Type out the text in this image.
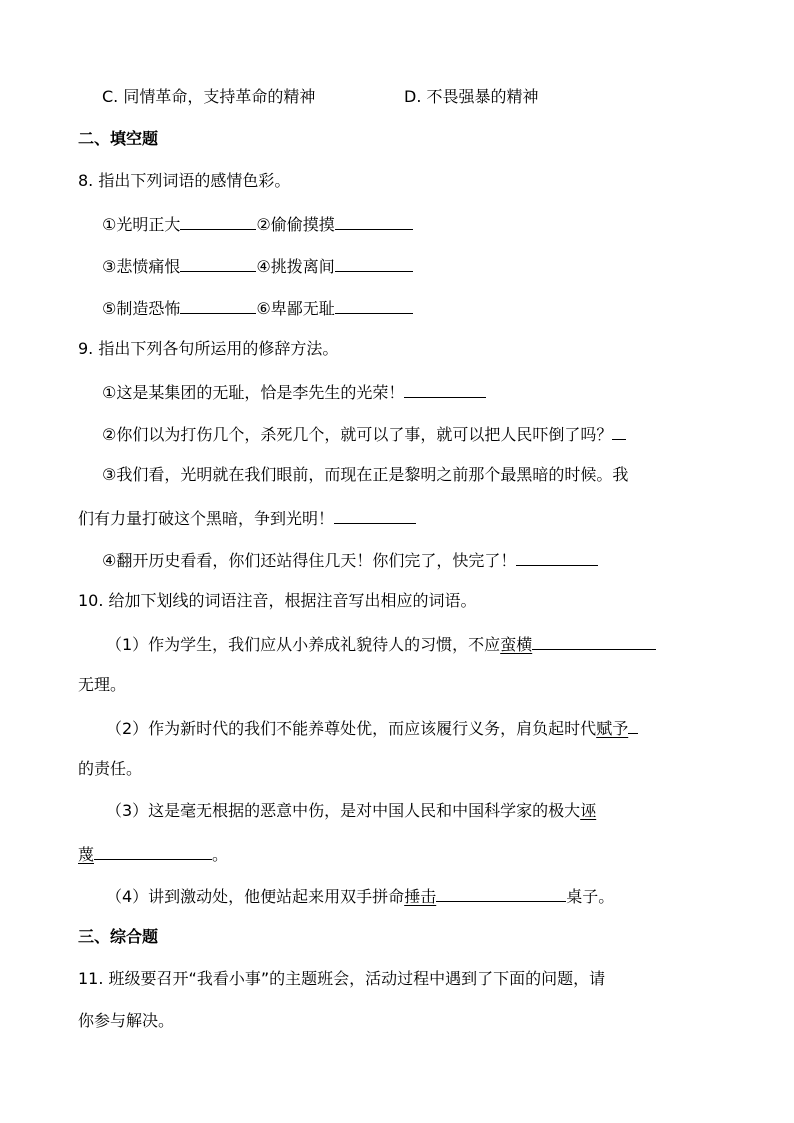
C. 同情革命，支持革命的精神	D. 不畏强暴的精神
二、填空题
8. 指出下列词语的感情色彩。
①光明正大	②偷偷摸摸
③悲愤痛恨	④挑拨离间
⑤制造恐怖	⑥卑鄙无耻
9. 指出下列各句所运用的修辞方法。
①这是某集团的无耻，恰是李先生的光荣！
②你们以为打伤几个，杀死几个，就可以了事，就可以把人民吓倒了吗？
③我们看，光明就在我们眼前，而现在正是黎明之前那个最黑暗的时候。我
们有力量打破这个黑暗，争到光明！
④翻开历史看看，你们还站得住几天！你们完了，快完了！
10. 给加下划线的词语注音，根据注音写出相应的词语。
（1）作为学生，我们应从小养成礼貌待人的习惯，不应蛮横
无理。
（2）作为新时代的我们不能养尊处优，而应该履行义务，肩负起时代赋予
的责任。
（3）这是毫无根据的恶意中伤，是对中国人民和中国科学家的极大诬
蔑	。
（4）讲到激动处，他便站起来用双手拼命捶击	桌子。
三、综合题
11. 班级要召开“我看小事”的主题班会，活动过程中遇到了下面的问题，请
你参与解决。
